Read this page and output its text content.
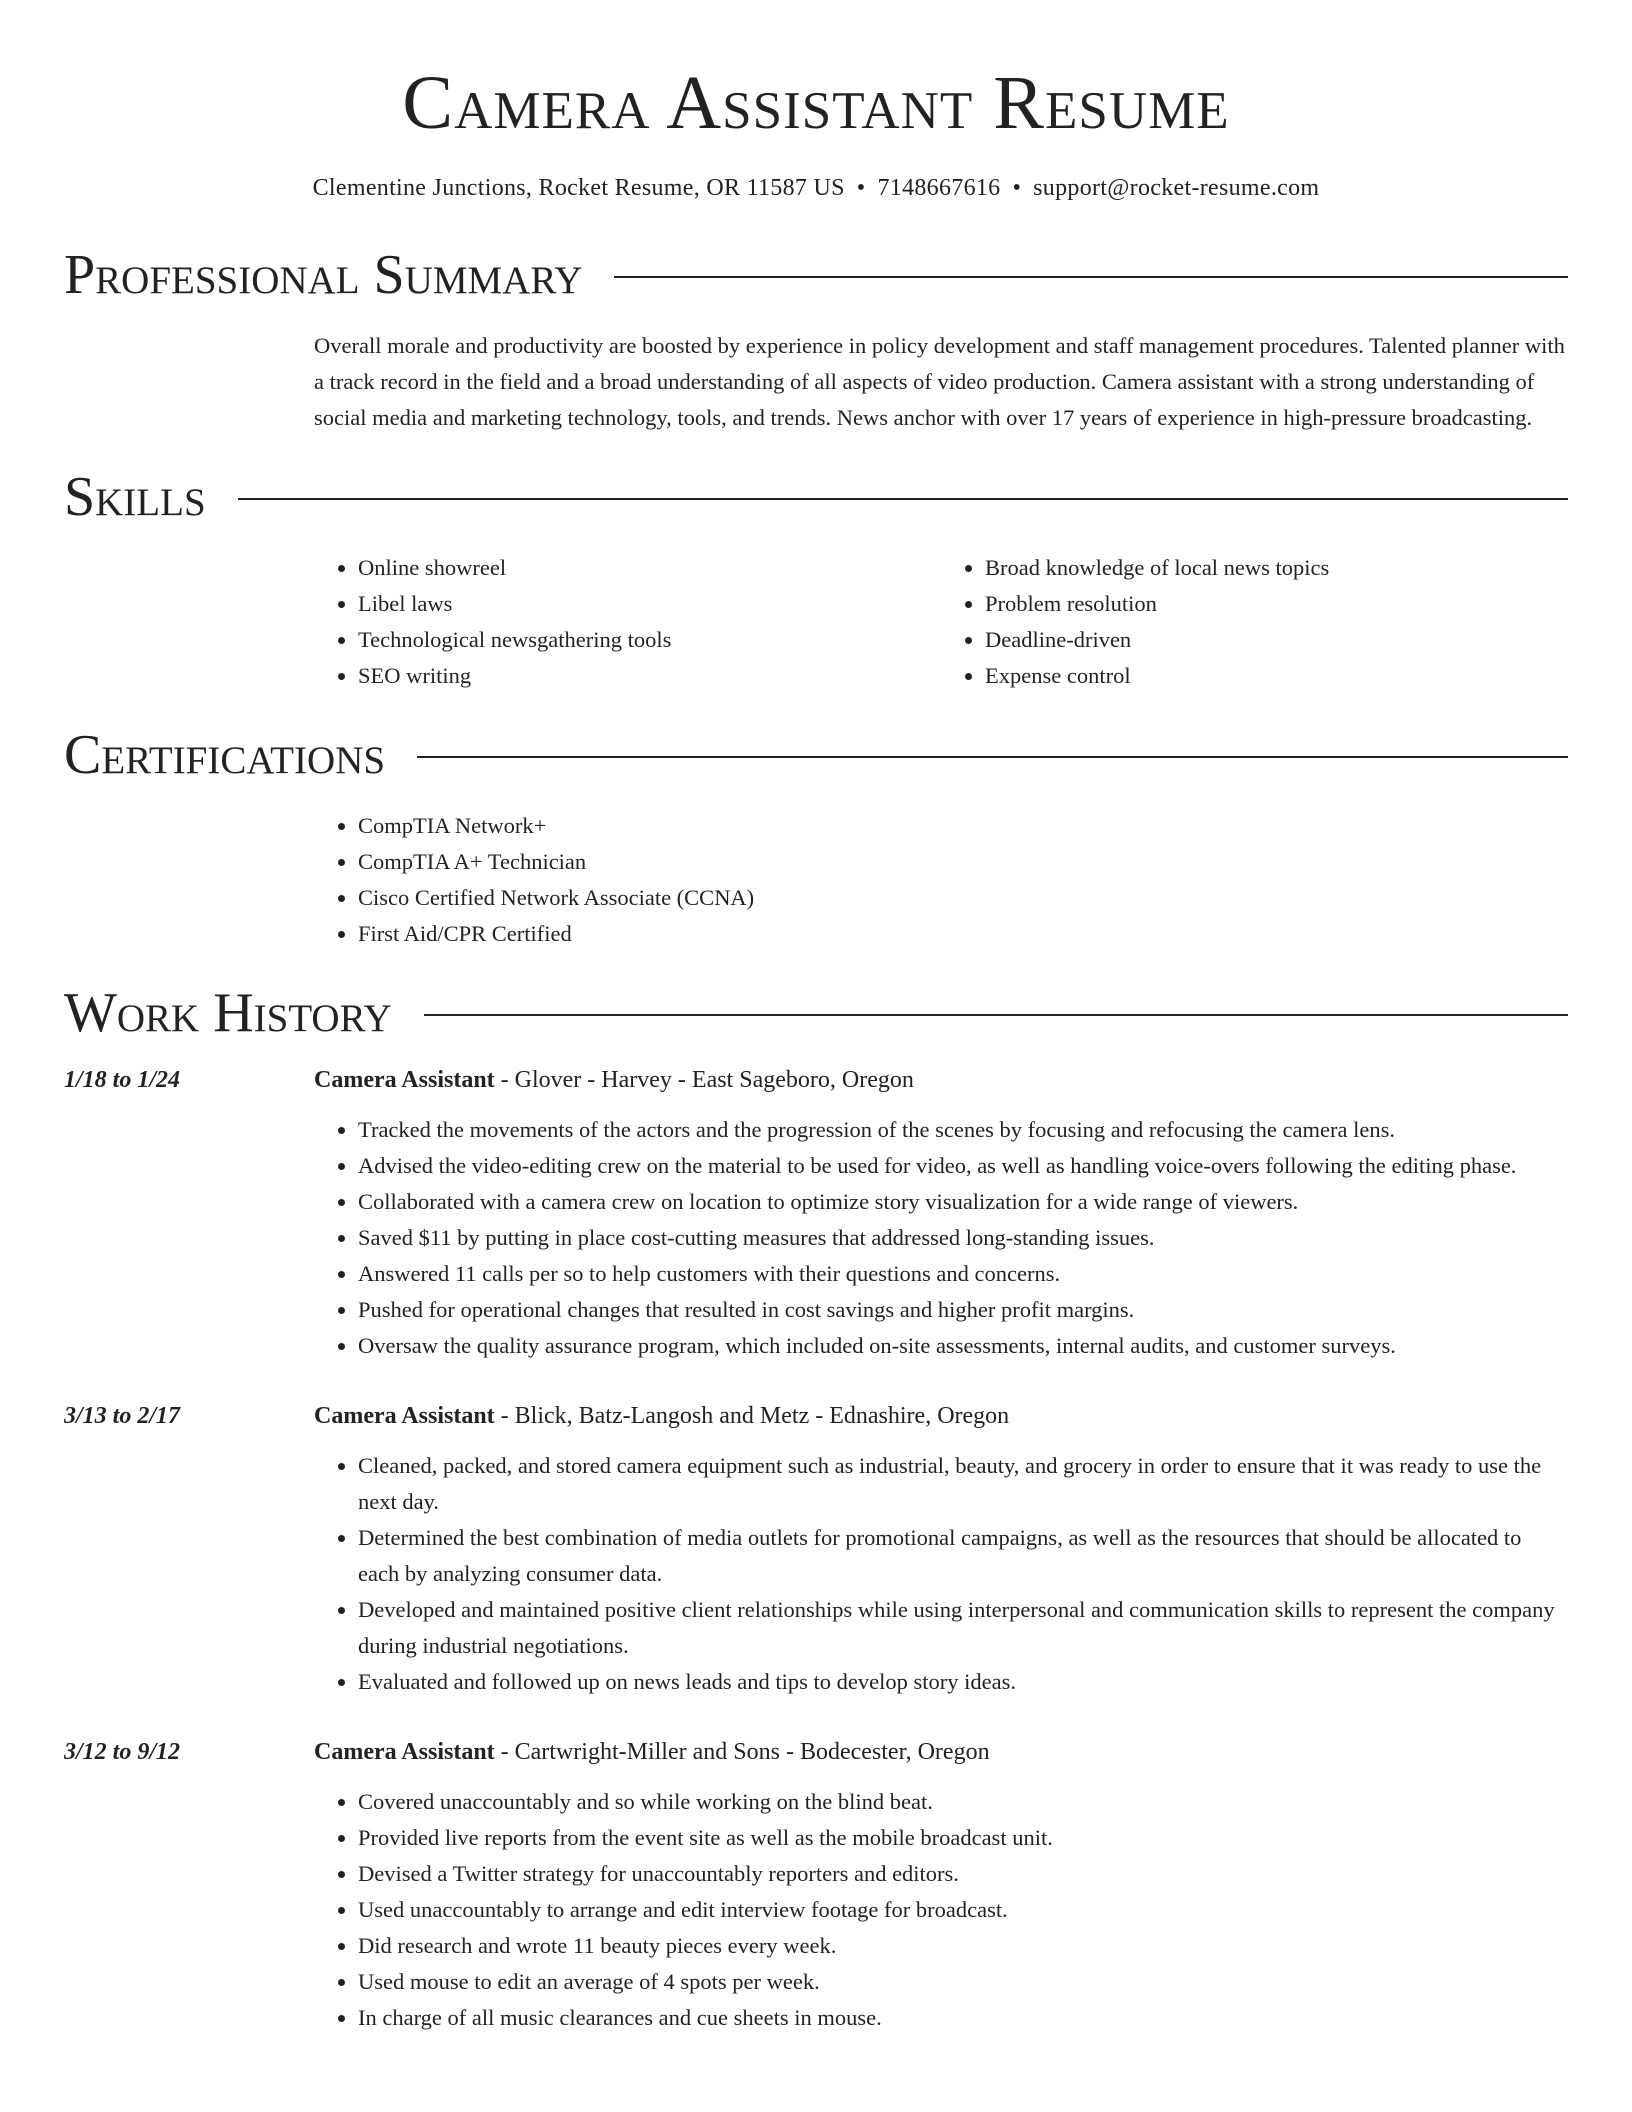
Camera Assistant Resume
Clementine Junctions, Rocket Resume, OR 11587 US • 7148667616 • support@rocket-resume.com
Professional Summary

Overall morale and productivity are boosted by experience in policy development and staff management procedures. Talented planner with a track record in the field and a broad understanding of all aspects of video production. Camera assistant with a strong understanding of social media and marketing technology, tools, and trends. News anchor with over 17 years of experience in high-pressure broadcasting.

Skills
• Online showreel
• Libel laws
• Technological newsgathering tools
• SEO writing
• Broad knowledge of local news topics
• Problem resolution
• Deadline-driven
• Expense control
Certifications
• CompTIA Network+
• CompTIA A+ Technician
• Cisco Certified Network Associate (CCNA)
• First Aid/CPR Certified
Work History
1/18 to 1/24	Camera Assistant - Glover - Harvey - East Sageboro, Oregon
• Tracked the movements of the actors and the progression of the scenes by focusing and refocusing the camera lens.
• Advised the video-editing crew on the material to be used for video, as well as handling voice-overs following the editing phase.
• Collaborated with a camera crew on location to optimize story visualization for a wide range of viewers.
• Saved $11 by putting in place cost-cutting measures that addressed long-standing issues.
• Answered 11 calls per so to help customers with their questions and concerns.
• Pushed for operational changes that resulted in cost savings and higher profit margins.
• Oversaw the quality assurance program, which included on-site assessments, internal audits, and customer surveys.
3/13 to 2/17	Camera Assistant - Blick, Batz-Langosh and Metz - Ednashire, Oregon
• Cleaned, packed, and stored camera equipment such as industrial, beauty, and grocery in order to ensure that it was ready to use the next day.
• Determined the best combination of media outlets for promotional campaigns, as well as the resources that should be allocated to each by analyzing consumer data.
• Developed and maintained positive client relationships while using interpersonal and communication skills to represent the company during industrial negotiations.
• Evaluated and followed up on news leads and tips to develop story ideas.
3/12 to 9/12	Camera Assistant - Cartwright-Miller and Sons - Bodecester, Oregon
• Covered unaccountably and so while working on the blind beat.
• Provided live reports from the event site as well as the mobile broadcast unit.
• Devised a Twitter strategy for unaccountably reporters and editors.
• Used unaccountably to arrange and edit interview footage for broadcast.
• Did research and wrote 11 beauty pieces every week.
• Used mouse to edit an average of 4 spots per week.
• In charge of all music clearances and cue sheets in mouse.
